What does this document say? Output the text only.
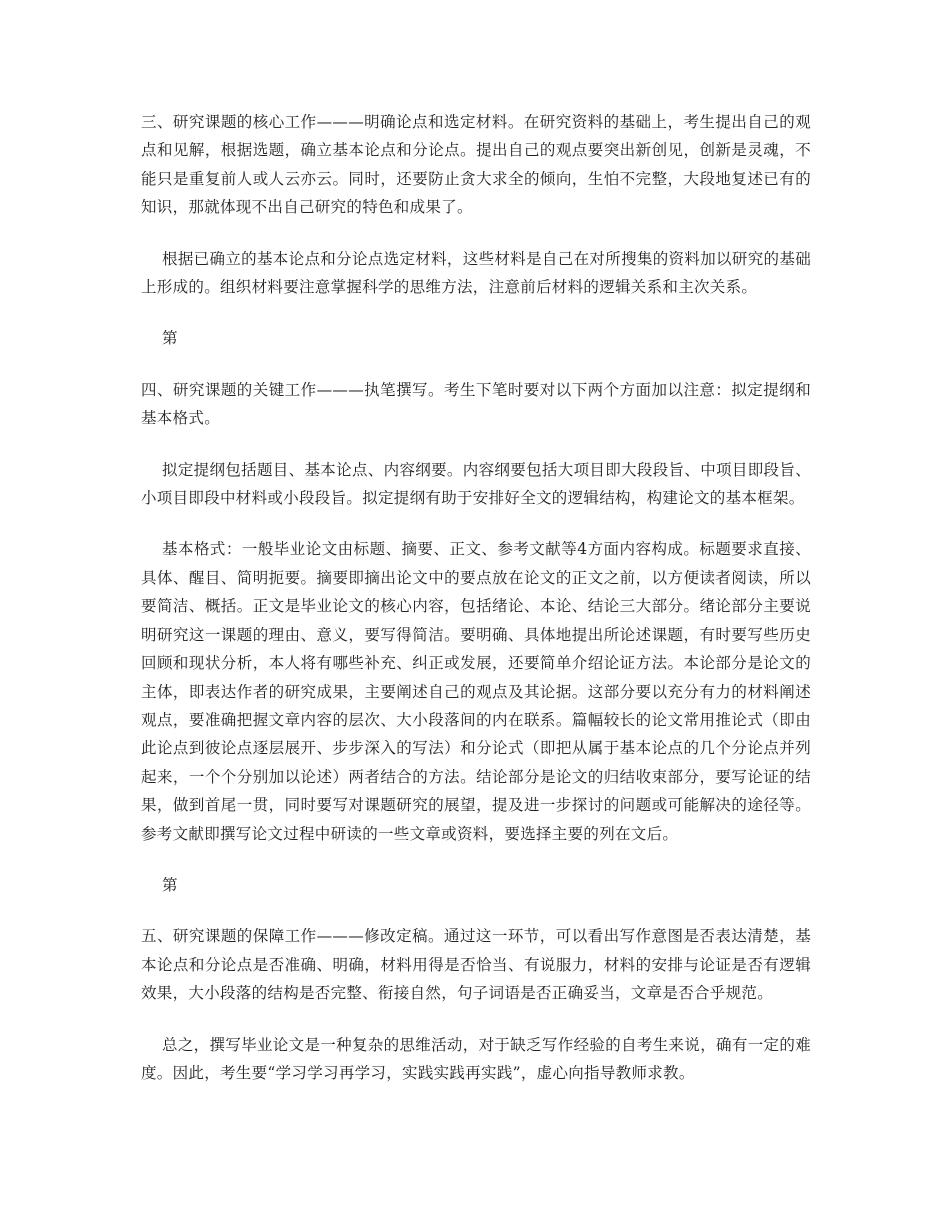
三、研究课题的核心工作———明确论点和选定材料。在研究资料的基础上，考生提出自己的观点和见解，根据选题，确立基本论点和分论点。提出自己的观点要突出新创见，创新是灵魂，不能只是重复前人或人云亦云。同时，还要防止贪大求全的倾向，生怕不完整，大段地复述已有的知识，那就体现不出自己研究的特色和成果了。

根据已确立的基本论点和分论点选定材料，这些材料是自己在对所搜集的资料加以研究的基础上形成的。组织材料要注意掌握科学的思维方法，注意前后材料的逻辑关系和主次关系。

第

四、研究课题的关键工作———执笔撰写。考生下笔时要对以下两个方面加以注意：拟定提纲和基本格式。

拟定提纲包括题目、基本论点、内容纲要。内容纲要包括大项目即大段段旨、中项目即段旨、小项目即段中材料或小段段旨。拟定提纲有助于安排好全文的逻辑结构，构建论文的基本框架。

基本格式：一般毕业论文由标题、摘要、正文、参考文献等4方面内容构成。标题要求直接、具体、醒目、简明扼要。摘要即摘出论文中的要点放在论文的正文之前，以方便读者阅读，所以要简洁、概括。正文是毕业论文的核心内容，包括绪论、本论、结论三大部分。绪论部分主要说明研究这一课题的理由、意义，要写得简洁。要明确、具体地提出所论述课题，有时要写些历史回顾和现状分析，本人将有哪些补充、纠正或发展，还要简单介绍论证方法。本论部分是论文的主体，即表达作者的研究成果，主要阐述自己的观点及其论据。这部分要以充分有力的材料阐述观点，要准确把握文章内容的层次、大小段落间的内在联系。篇幅较长的论文常用推论式（即由此论点到彼论点逐层展开、步步深入的写法）和分论式（即把从属于基本论点的几个分论点并列起来，一个个分别加以论述）两者结合的方法。结论部分是论文的归结收束部分，要写论证的结果，做到首尾一贯，同时要写对课题研究的展望，提及进一步探讨的问题或可能解决的途径等。参考文献即撰写论文过程中研读的一些文章或资料，要选择主要的列在文后。

第

五、研究课题的保障工作———修改定稿。通过这一环节，可以看出写作意图是否表达清楚，基本论点和分论点是否准确、明确，材料用得是否恰当、有说服力，材料的安排与论证是否有逻辑效果，大小段落的结构是否完整、衔接自然，句子词语是否正确妥当，文章是否合乎规范。

总之，撰写毕业论文是一种复杂的思维活动，对于缺乏写作经验的自考生来说，确有一定的难度。因此，考生要“学习学习再学习，实践实践再实践”，虚心向指导教师求教。
